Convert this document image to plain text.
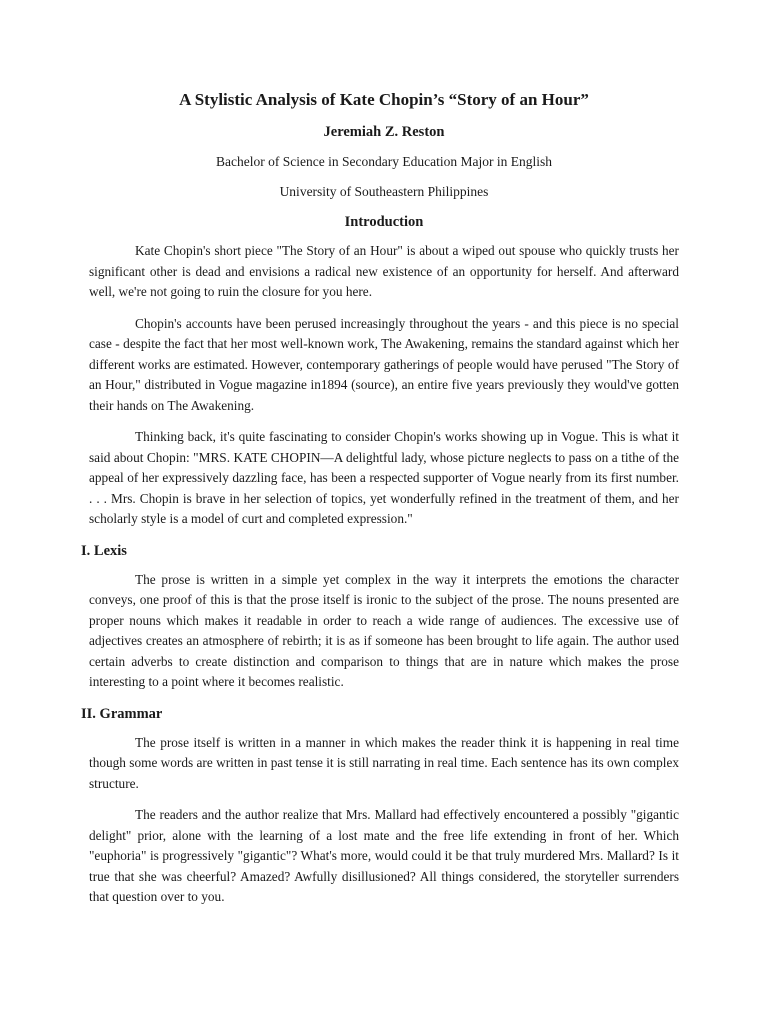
A Stylistic Analysis of Kate Chopin’s “Story of an Hour”
Jeremiah Z. Reston
Bachelor of Science in Secondary Education Major in English
University of Southeastern Philippines
Introduction

Kate Chopin's short piece "The Story of an Hour" is about a wiped out spouse who quickly trusts her significant other is dead and envisions a radical new existence of an opportunity for herself. And afterward well, we're not going to ruin the closure for you here.

Chopin's accounts have been perused increasingly throughout the years - and this piece is no special case - despite the fact that her most well-known work, The Awakening, remains the standard against which her different works are estimated. However, contemporary gatherings of people would have perused "The Story of an Hour," distributed in Vogue magazine in1894 (source), an entire five years previously they would've gotten their hands on The Awakening.

Thinking back, it's quite fascinating to consider Chopin's works showing up in Vogue. This is what it said about Chopin: "MRS. KATE CHOPIN—A delightful lady, whose picture neglects to pass on a tithe of the appeal of her expressively dazzling face, has been a respected supporter of Vogue nearly from its first number. . . . Mrs. Chopin is brave in her selection of topics, yet wonderfully refined in the treatment of them, and her scholarly style is a model of curt and completed expression."

I. Lexis

The prose is written in a simple yet complex in the way it interprets the emotions the character conveys, one proof of this is that the prose itself is ironic to the subject of the prose. The nouns presented are proper nouns which makes it readable in order to reach a wide range of audiences. The excessive use of adjectives creates an atmosphere of rebirth; it is as if someone has been brought to life again. The author used certain adverbs to create distinction and comparison to things that are in nature which makes the prose interesting to a point where it becomes realistic.

II. Grammar

The prose itself is written in a manner in which makes the reader think it is happening in real time though some words are written in past tense it is still narrating in real time. Each sentence has its own complex structure.

The readers and the author realize that Mrs. Mallard had effectively encountered a possibly "gigantic delight" prior, alone with the learning of a lost mate and the free life extending in front of her. Which "euphoria" is progressively "gigantic"? What's more, would could it be that truly murdered Mrs. Mallard? Is it true that she was cheerful? Amazed? Awfully disillusioned? All things considered, the storyteller surrenders that question over to you.
